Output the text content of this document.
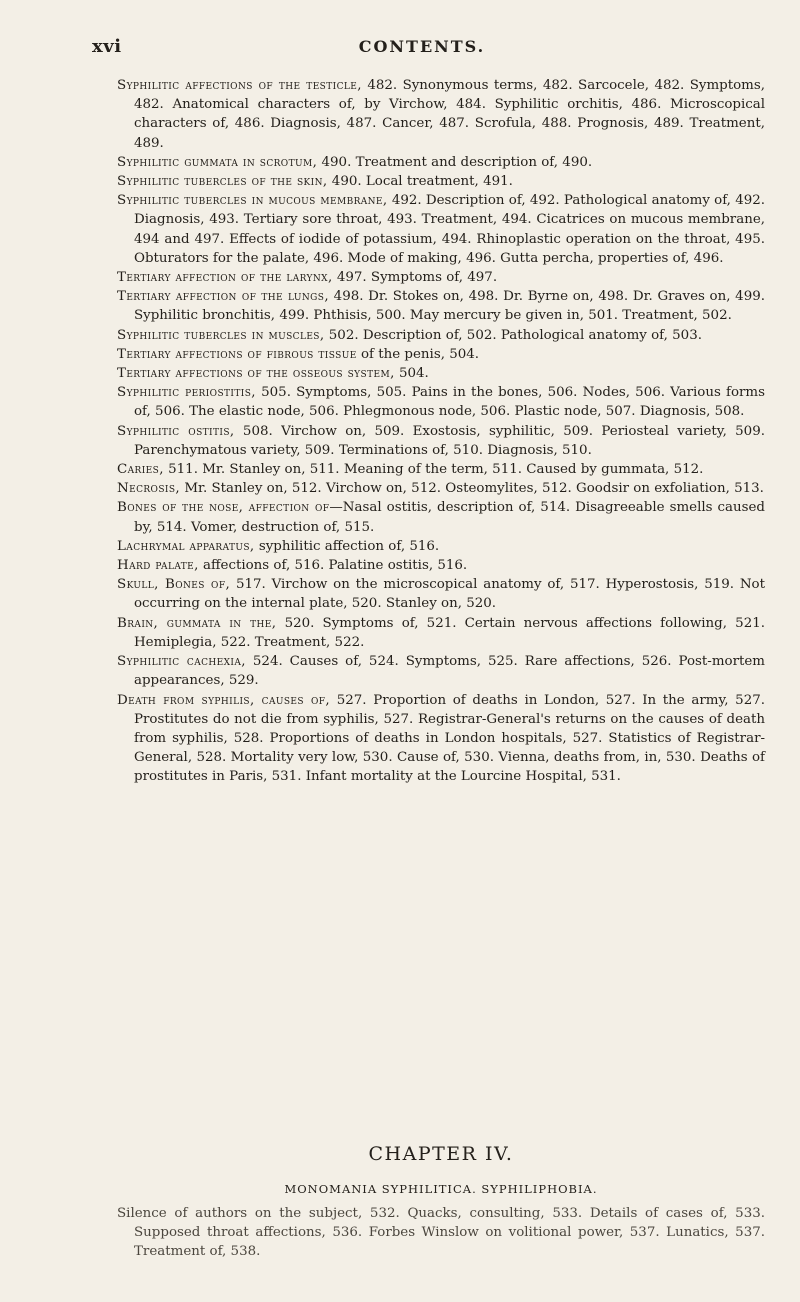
xvi	CONTENTS.
Syphilitic affections of the testicle, 482. Synonymous terms, 482. Sarcocele, 482. Symptoms, 482. Anatomical characters of, by Virchow, 484. Syphilitic orchitis, 486. Microscopical characters of, 486. Diagnosis, 487. Cancer, 487. Scrofula, 488. Prognosis, 489. Treatment, 489.
Syphilitic gummata in scrotum, 490. Treatment and description of, 490.
Syphilitic tubercles of the skin, 490. Local treatment, 491.
Syphilitic tubercles in mucous membrane, 492. Description of, 492. Pathological anatomy of, 492. Diagnosis, 493. Tertiary sore throat, 493. Treatment, 494. Cicatrices on mucous membrane, 494 and 497. Effects of iodide of potassium, 494. Rhinoplastic operation on the throat, 495. Obturators for the palate, 496. Mode of making, 496. Gutta percha, properties of, 496.
Tertiary affection of the larynx, 497. Symptoms of, 497.
Tertiary affection of the lungs, 498. Dr. Stokes on, 498. Dr. Byrne on, 498. Dr. Graves on, 499. Syphilitic bronchitis, 499. Phthisis, 500. May mercury be given in, 501. Treatment, 502.
Syphilitic tubercles in muscles, 502. Description of, 502. Pathological anatomy of, 503.
Tertiary affections of fibrous tissue of the penis, 504.
Tertiary affections of the osseous system, 504.
Syphilitic periostitis, 505. Symptoms, 505. Pains in the bones, 506. Nodes, 506. Various forms of, 506. The elastic node, 506. Phlegmonous node, 506. Plastic node, 507. Diagnosis, 508.
Syphilitic ostitis, 508. Virchow on, 509. Exostosis, syphilitic, 509. Periosteal variety, 509. Parenchymatous variety, 509. Terminations of, 510. Diagnosis, 510.
Caries, 511. Mr. Stanley on, 511. Meaning of the term, 511. Caused by gummata, 512.
Necrosis, Mr. Stanley on, 512. Virchow on, 512. Osteomylites, 512. Goodsir on exfoliation, 513.
Bones of the nose, affection of—Nasal ostitis, description of, 514. Disagreeable smells caused by, 514. Vomer, destruction of, 515.
Lachrymal apparatus, syphilitic affection of, 516.
Hard palate, affections of, 516. Palatine ostitis, 516.
Skull, Bones of, 517. Virchow on the microscopical anatomy of, 517. Hyperostosis, 519. Not occurring on the internal plate, 520. Stanley on, 520.
Brain, gummata in the, 520. Symptoms of, 521. Certain nervous affections following, 521. Hemiplegia, 522. Treatment, 522.
Syphilitic cachexia, 524. Causes of, 524. Symptoms, 525. Rare affections, 526. Post-mortem appearances, 529.
Death from syphilis, causes of, 527. Proportion of deaths in London, 527. In the army, 527. Prostitutes do not die from syphilis, 527. Registrar-General's returns on the causes of death from syphilis, 528. Proportions of deaths in London hospitals, 527. Statistics of Registrar-General, 528. Mortality very low, 530. Cause of, 530. Vienna, deaths from, in, 530. Deaths of prostitutes in Paris, 531. Infant mortality at the Lourcine Hospital, 531.
CHAPTER IV.
MONOMANIA SYPHILITICA. SYPHILIPHOBIA.
Silence of authors on the subject, 532. Quacks, consulting, 533. Details of cases of, 533. Supposed throat affections, 536. Forbes Winslow on volitional power, 537. Lunatics, 537. Treatment of, 538.
